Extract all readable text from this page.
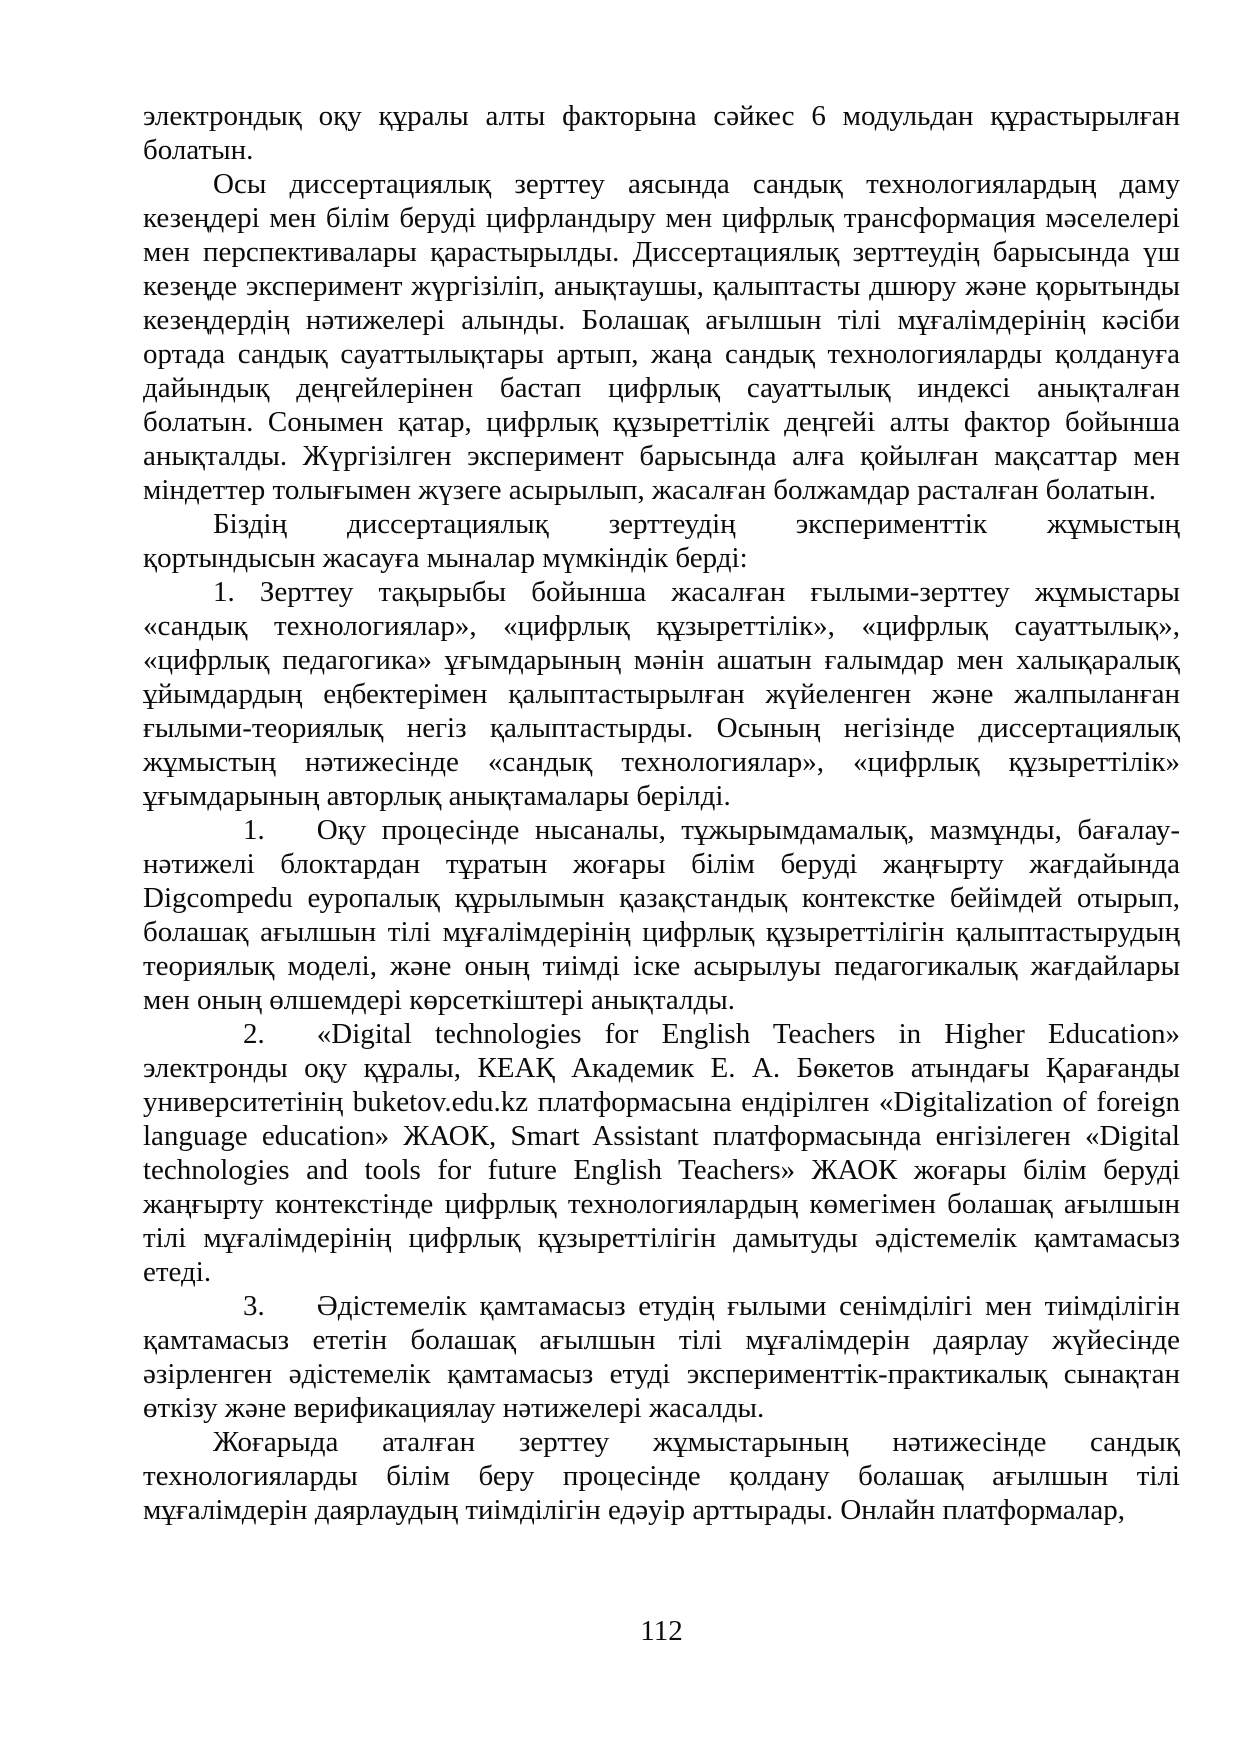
электрондық оқу құралы алты факторына сәйкес 6 модульдан құрастырылған болатын.
Осы диссертациялық зерттеу аясында сандық технологиялардың даму кезеңдері мен білім беруді цифрландыру мен цифрлық трансформация мәселелері мен перспективалары қарастырылды. Диссертациялық зерттеудің барысында үш кезеңде эксперимент жүргізіліп, анықтаушы, қалыптасты дшюру және қорытынды кезеңдердің нәтижелері алынды. Болашақ ағылшын тілі мұғалімдерінің кәсіби ортада сандық сауаттылықтары артып, жаңа сандық технологияларды қолдануға дайындық деңгейлерінен бастап цифрлық сауаттылық индексі анықталған болатын. Сонымен қатар, цифрлық құзыреттілік деңгейі алты фактор бойынша анықталды. Жүргізілген эксперимент барысында алға қойылған мақсаттар мен міндеттер толығымен жүзеге асырылып, жасалған болжамдар расталған болатын.
Біздің диссертациялық зерттеудің эксперименттік жұмыстың
қортындысын жасауға мыналар мүмкіндік берді:
1. Зерттеу тақырыбы бойынша жасалған ғылыми-зерттеу жұмыстары «сандық технологиялар», «цифрлық құзыреттілік», «цифрлық сауаттылық», «цифрлық педагогика» ұғымдарының мәнін ашатын ғалымдар мен халықаралық ұйымдардың еңбектерімен қалыптастырылған жүйеленген және жалпыланған ғылыми-теориялық негіз қалыптастырды. Осының негізінде диссертациялық жұмыстың нәтижесінде «сандық технологиялар», «цифрлық құзыреттілік» ұғымдарының авторлық анықтамалары берілді.
1. Оқу процесінде нысаналы, тұжырымдамалық, мазмұнды, бағалау-нәтижелі блоктардан тұратын жоғары білім беруді жаңғырту жағдайында Digcompedu еуропалық құрылымын қазақстандық контекстке бейімдей отырып, болашақ ағылшын тілі мұғалімдерінің цифрлық құзыреттілігін қалыптастырудың теориялық моделі, және оның тиімді іске асырылуы педагогикалық жағдайлары мен оның өлшемдері көрсеткіштері анықталды.
2. «Digital technologies for English Teachers in Higher Education» электронды оқу құралы, КЕАҚ Академик Е. А. Бөкетов атындағы Қарағанды университетінің buketov.edu.kz платформасына ендірілген «Digitalization of foreign language education» ЖАОК, Smart Assistant платформасында енгізілеген «Digital technologies and tools for future English Teachers» ЖАОК жоғары білім беруді жаңғырту контекстінде цифрлық технологиялардың көмегімен болашақ ағылшын тілі мұғалімдерінің цифрлық құзыреттілігін дамытуды әдістемелік қамтамасыз етеді.
3. Әдістемелік қамтамасыз етудің ғылыми сенімділігі мен тиімділігін қамтамасыз ететін болашақ ағылшын тілі мұғалімдерін даярлау жүйесінде әзірленген әдістемелік қамтамасыз етуді эксперименттік-практикалық сынақтан өткізу және верификациялау нәтижелері жасалды.
Жоғарыда аталған зерттеу жұмыстарының нәтижесінде сандық технологияларды білім беру процесінде қолдану болашақ ағылшын тілі мұғалімдерін даярлаудың тиімділігін едәуір арттырады. Онлайн платформалар,
112
